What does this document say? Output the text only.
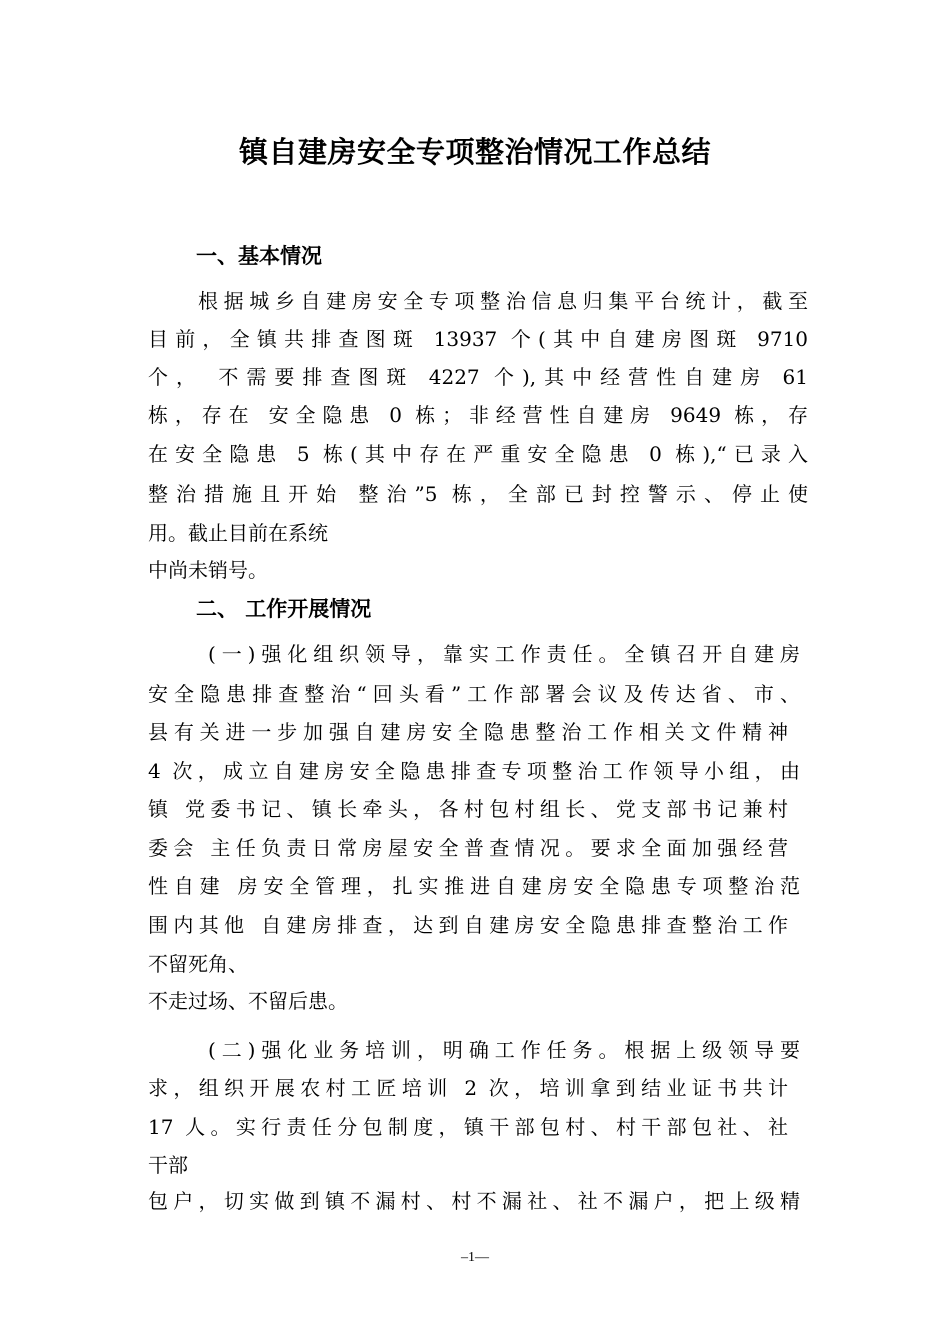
镇自建房安全专项整治情况工作总结
一、基本情况

根据城乡自建房安全专项整治信息归集平台统计，截至

目前，全镇共排查图斑 13937 个(其中自建房图斑 9710

个， 不需要排查图斑 4227 个),其中经营性自建房 61

栋，存在 安全隐患 0 栋；非经营性自建房 9649 栋，存

在安全隐患 5 栋(其中存在严重安全隐患 0 栋),“已录入

整治措施且开始 整治”5 栋，全部已封控警示、停止使

用。截止目前在系统

中尚未销号。

二、 工作开展情况

(一)强化组织领导，靠实工作责任。全镇召开自建房

安全隐患排查整治“回头看”工作部署会议及传达省、市、

县有关进一步加强自建房安全隐患整治工作相关文件精神

4 次，成立自建房安全隐患排查专项整治工作领导小组，由

镇 党委书记、镇长牵头，各村包村组长、党支部书记兼村

委会 主任负责日常房屋安全普查情况。要求全面加强经营

性自建 房安全管理，扎实推进自建房安全隐患专项整治范

围内其他 自建房排查，达到自建房安全隐患排查整治工作

不留死角、

不走过场、不留后患。

(二)强化业务培训，明确工作任务。根据上级领导要

求，组织开展农村工匠培训 2 次，培训拿到结业证书共计

17 人。实行责任分包制度，镇干部包村、村干部包社、社

干部

包户，切实做到镇不漏村、村不漏社、社不漏户，把上级精

–1—
